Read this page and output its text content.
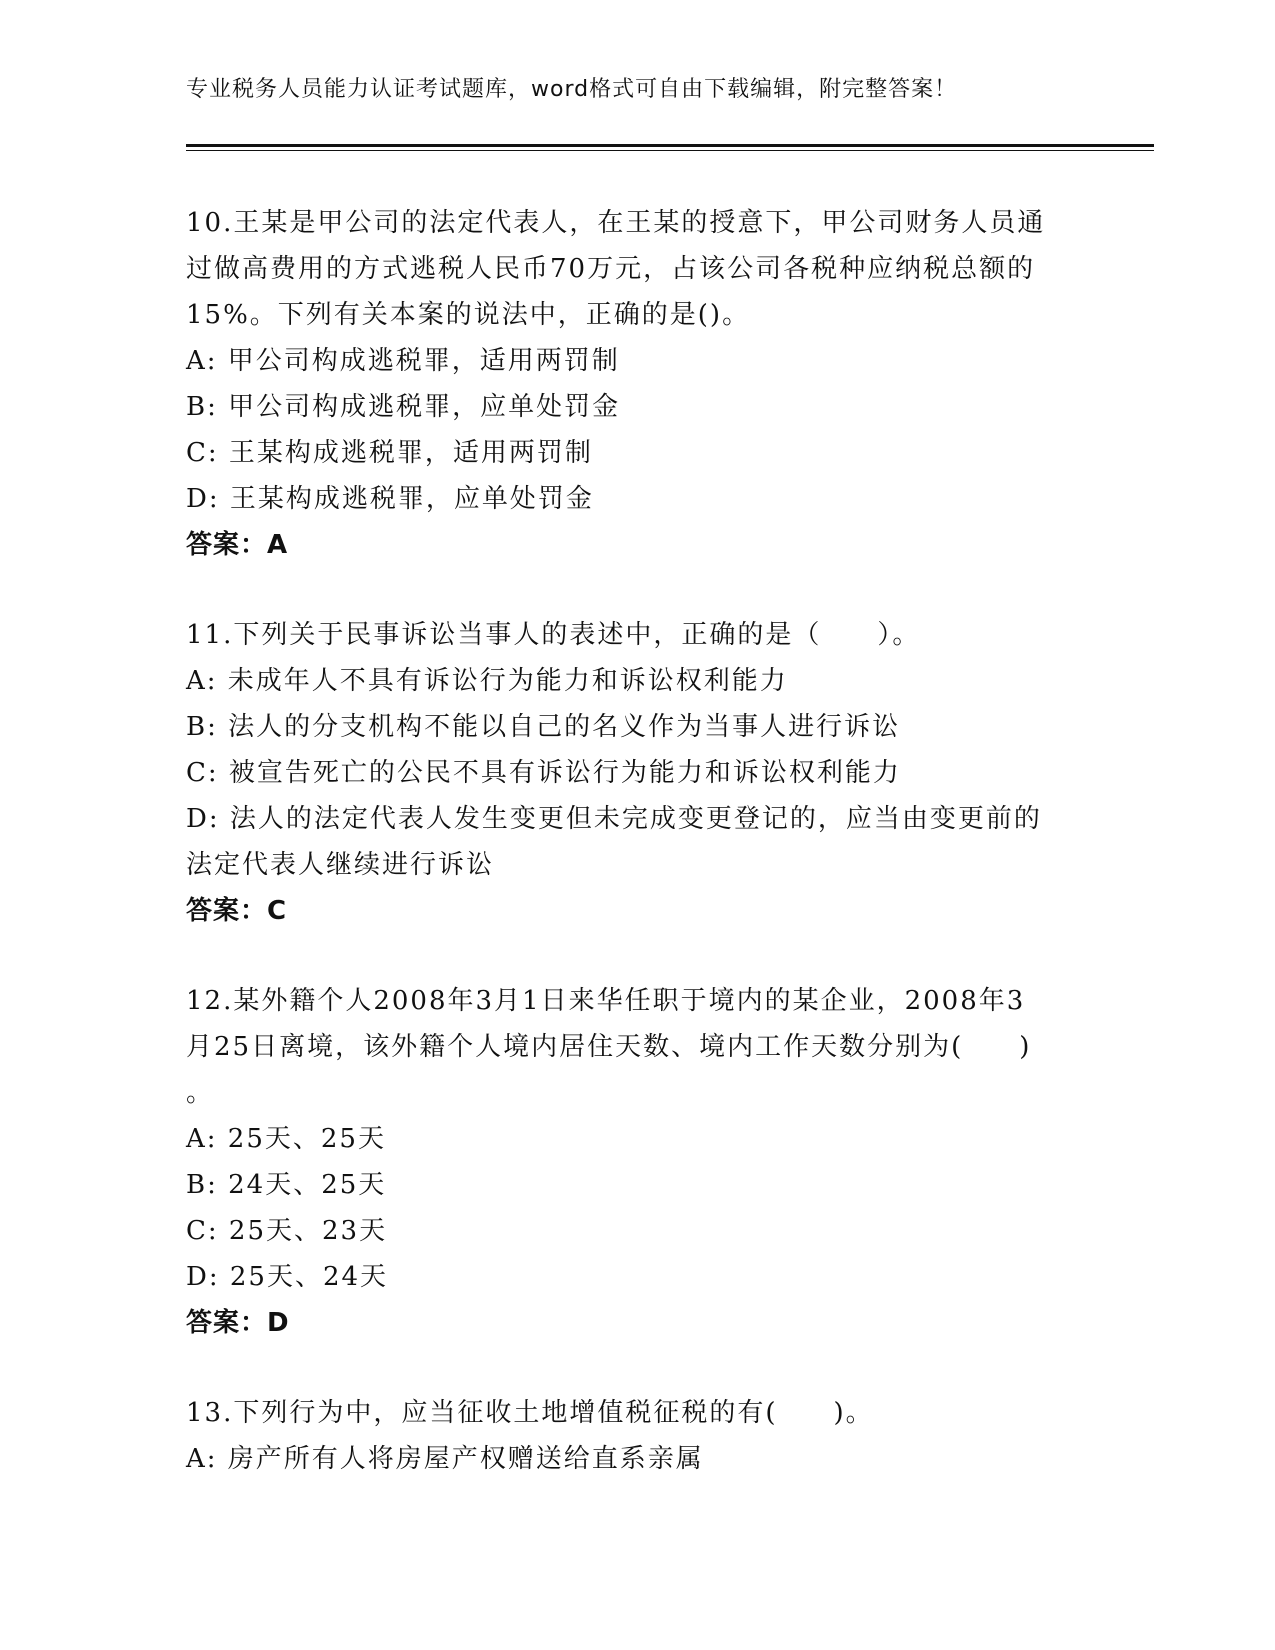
专业税务人员能力认证考试题库，word格式可自由下载编辑，附完整答案！
10.王某是甲公司的法定代表人，在王某的授意下，甲公司财务人员通
过做高费用的方式逃税人民币70万元，占该公司各税种应纳税总额的
15%。下列有关本案的说法中，正确的是()。
A: 甲公司构成逃税罪，适用两罚制
B: 甲公司构成逃税罪，应单处罚金
C: 王某构成逃税罪，适用两罚制
D: 王某构成逃税罪，应单处罚金
答案：A
11.下列关于民事诉讼当事人的表述中，正确的是（　　）。
A: 未成年人不具有诉讼行为能力和诉讼权利能力
B: 法人的分支机构不能以自己的名义作为当事人进行诉讼
C: 被宣告死亡的公民不具有诉讼行为能力和诉讼权利能力
D: 法人的法定代表人发生变更但未完成变更登记的，应当由变更前的
法定代表人继续进行诉讼
答案：C
12.某外籍个人2008年3月1日来华任职于境内的某企业，2008年3
月25日离境，该外籍个人境内居住天数、境内工作天数分别为(　　)
。
A: 25天、25天
B: 24天、25天
C: 25天、23天
D: 25天、24天
答案：D
13.下列行为中，应当征收土地增值税征税的有(　　)。
A: 房产所有人将房屋产权赠送给直系亲属
